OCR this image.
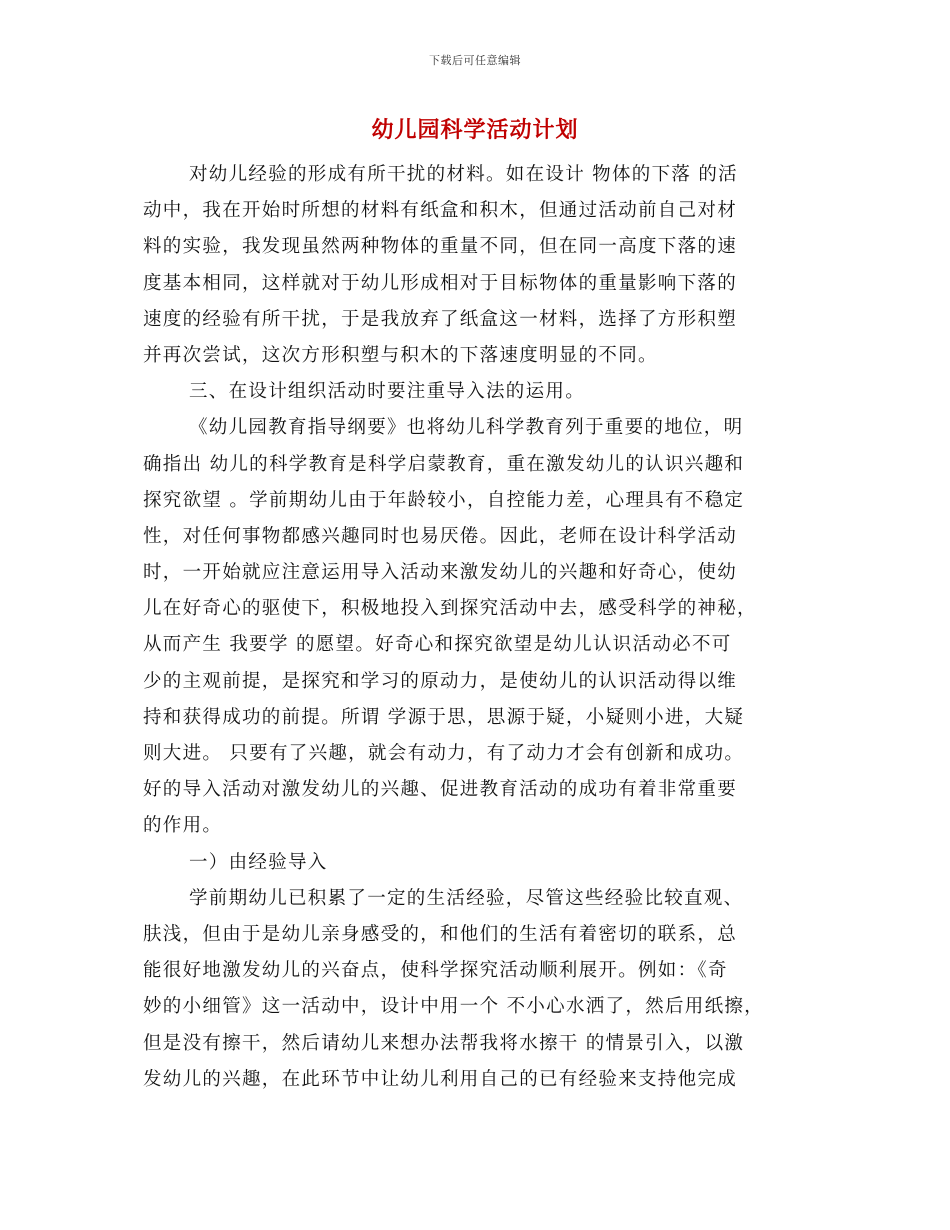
下载后可任意编辑
幼儿园科学活动计划
对幼儿经验的形成有所干扰的材料。如在设计 物体的下落 的活
动中，我在开始时所想的材料有纸盒和积木，但通过活动前自己对材
料的实验，我发现虽然两种物体的重量不同，但在同一高度下落的速
度基本相同，这样就对于幼儿形成相对于目标物体的重量影响下落的
速度的经验有所干扰，于是我放弃了纸盒这一材料，选择了方形积塑
并再次尝试，这次方形积塑与积木的下落速度明显的不同。
三、在设计组织活动时要注重导入法的运用。
《幼儿园教育指导纲要》也将幼儿科学教育列于重要的地位，明
确指出 幼儿的科学教育是科学启蒙教育，重在激发幼儿的认识兴趣和
探究欲望 。学前期幼儿由于年龄较小，自控能力差，心理具有不稳定
性，对任何事物都感兴趣同时也易厌倦。因此，老师在设计科学活动
时，一开始就应注意运用导入活动来激发幼儿的兴趣和好奇心，使幼
儿在好奇心的驱使下，积极地投入到探究活动中去，感受科学的神秘，
从而产生 我要学 的愿望。好奇心和探究欲望是幼儿认识活动必不可
少的主观前提，是探究和学习的原动力，是使幼儿的认识活动得以维
持和获得成功的前提。所谓 学源于思，思源于疑，小疑则小进，大疑
则大进。 只要有了兴趣，就会有动力，有了动力才会有创新和成功。
好的导入活动对激发幼儿的兴趣、促进教育活动的成功有着非常重要
的作用。
一）由经验导入
学前期幼儿已积累了一定的生活经验，尽管这些经验比较直观、
肤浅，但由于是幼儿亲身感受的，和他们的生活有着密切的联系，总
能很好地激发幼儿的兴奋点，使科学探究活动顺利展开。例如：《奇
妙的小细管》这一活动中，设计中用一个 不小心水洒了，然后用纸擦，
但是没有擦干，然后请幼儿来想办法帮我将水擦干 的情景引入，以激
发幼儿的兴趣，在此环节中让幼儿利用自己的已有经验来支持他完成
